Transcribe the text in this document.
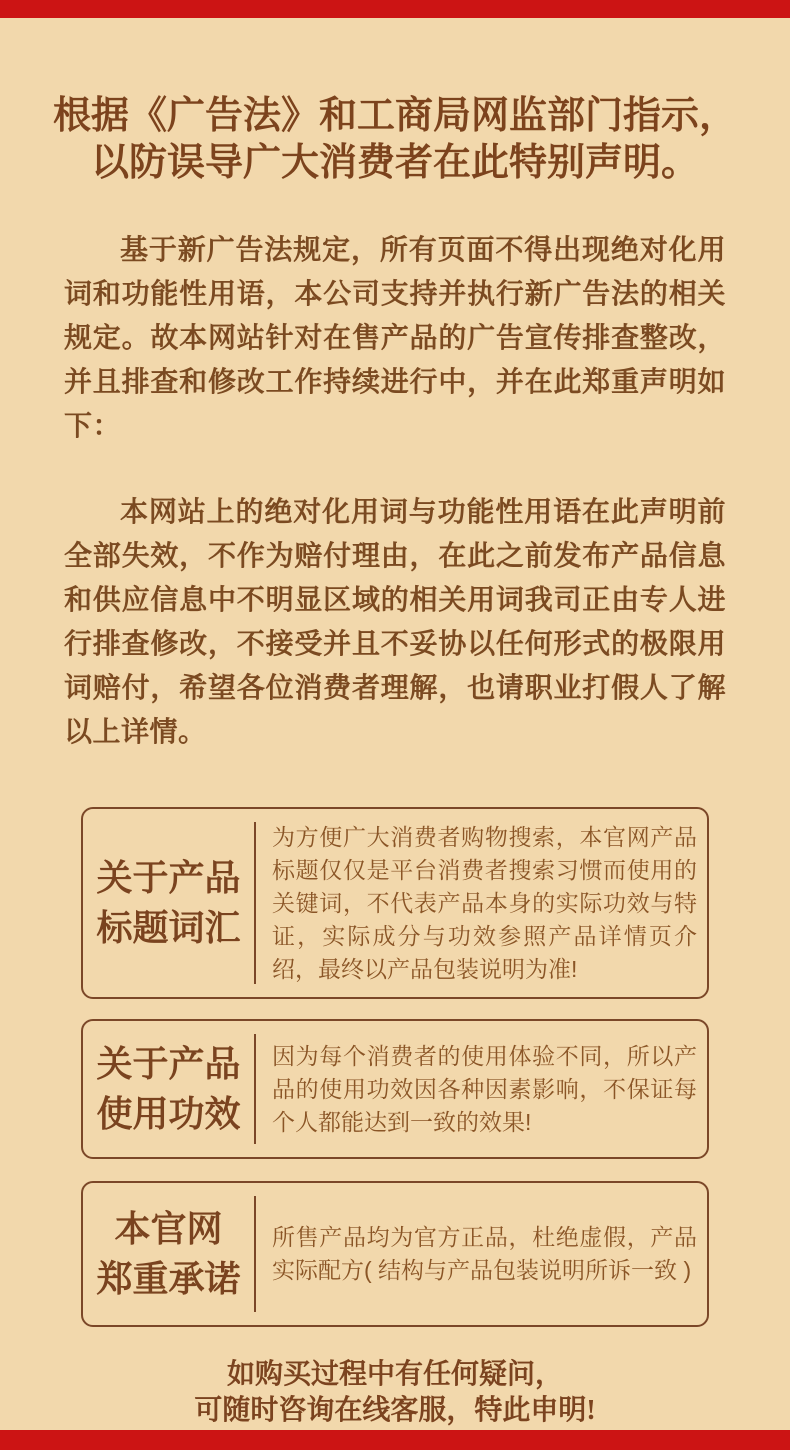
根据《广告法》和工商局网监部门指示，
以防误导广大消费者在此特别声明。
基于新广告法规定，所有页面不得出现绝对化用词和功能性用语，本公司支持并执行新广告法的相关规定。故本网站针对在售产品的广告宣传排查整改，并且排查和修改工作持续进行中，并在此郑重声明如下：
本网站上的绝对化用词与功能性用语在此声明前全部失效，不作为赔付理由，在此之前发布产品信息和供应信息中不明显区域的相关用词我司正由专人进行排查修改，不接受并且不妥协以任何形式的极限用词赔付，希望各位消费者理解，也请职业打假人了解以上详情。
关于产品
标题词汇
为方便广大消费者购物搜索，本官网产品标题仅仅是平台消费者搜索习惯而使用的关键词，不代表产品本身的实际功效与特证，实际成分与功效参照产品详情页介绍，最终以产品包装说明为准!
关于产品
使用功效
因为每个消费者的使用体验不同，所以产品的使用功效因各种因素影响，不保证每个人都能达到一致的效果!
本官网
郑重承诺
所售产品均为官方正品，杜绝虚假，产品实际配方( 结构与产品包装说明所诉一致 )
如购买过程中有任何疑问，
可随时咨询在线客服，特此申明!
